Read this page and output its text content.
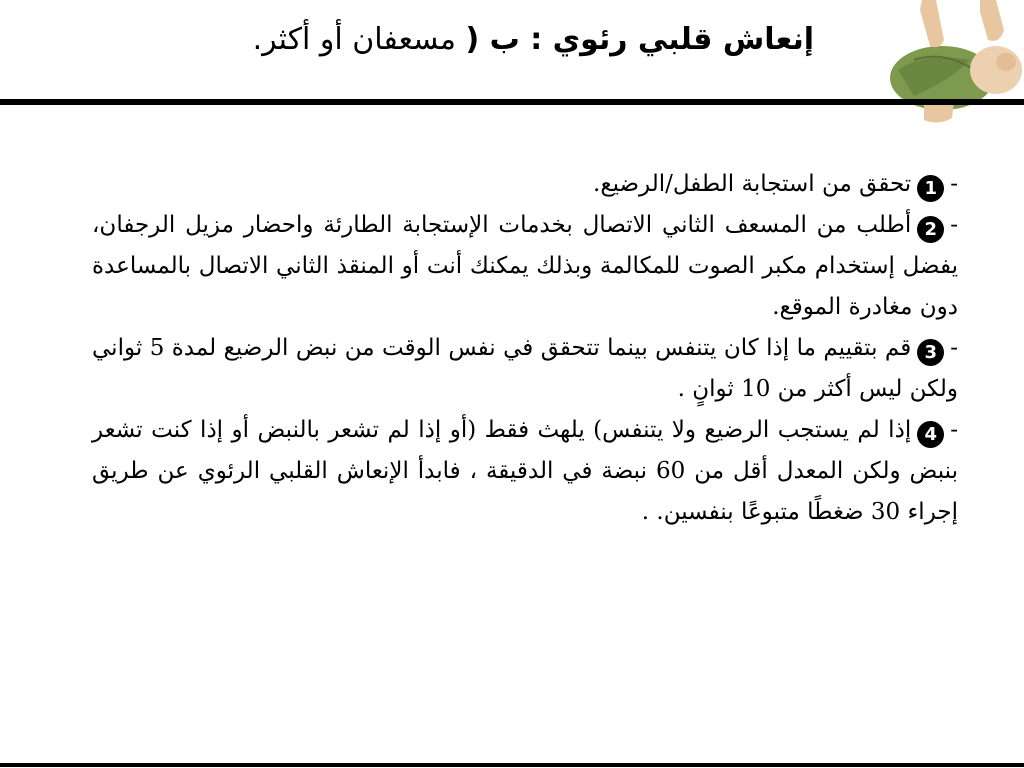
إنعاش قلبي رئوي : ب ( مسعفان أو أكثر.

-1تحقق من استجابة الطفل/الرضيع.

-2أطلب من المسعف الثاني الاتصال بخدمات الإستجابة الطارئة واحضار مزيل الرجفان، يفضل إستخدام مكبر الصوت للمكالمة وبذلك يمكنك أنت أو المنقذ الثاني الاتصال بالمساعدة دون مغادرة الموقع.

-3قم بتقييم ما إذا كان يتنفس بينما تتحقق في نفس الوقت من نبض الرضيع لمدة 5 ثواني ولكن ليس أكثر من 10 ثوانٍ .

-4إذا لم يستجب الرضيع ولا يتنفس) يلهث فقط (أو إذا لم تشعر بالنبض أو إذا كنت تشعر بنبض ولكن المعدل أقل من 60 نبضة في الدقيقة ، فابدأ الإنعاش القلبي الرئوي عن طريق إجراء 30 ضغطًا متبوعًا بنفسين. .
